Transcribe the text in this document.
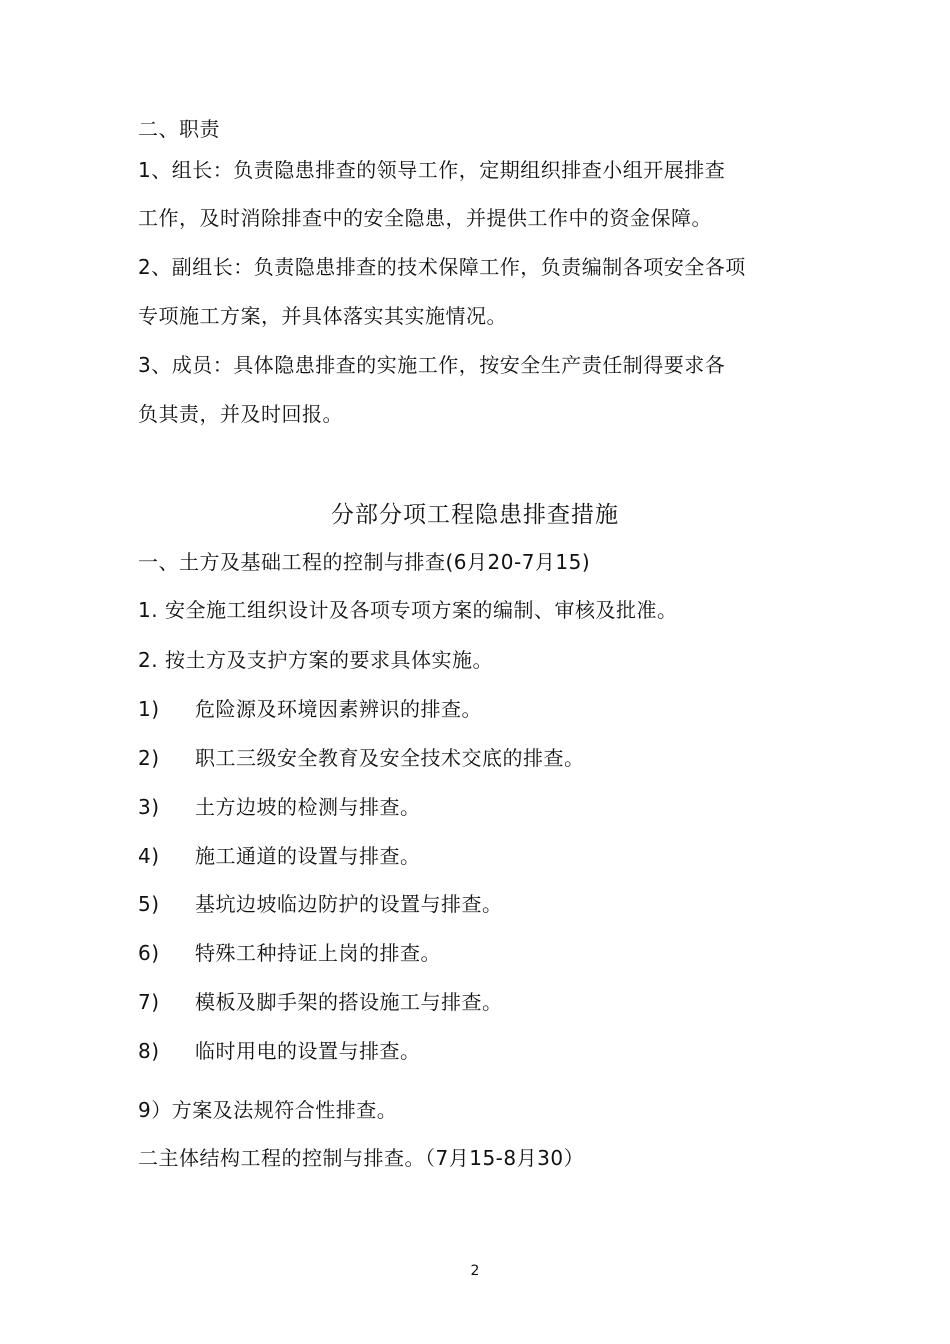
二、职责
1、组长：负责隐患排查的领导工作，定期组织排查小组开展排查
工作，及时消除排查中的安全隐患，并提供工作中的资金保障。
2、副组长：负责隐患排查的技术保障工作，负责编制各项安全各项
专项施工方案，并具体落实其实施情况。
3、成员：具体隐患排查的实施工作，按安全生产责任制得要求各
负其责，并及时回报。
分部分项工程隐患排查措施
一、土方及基础工程的控制与排查(6月20-7月15)
1. 安全施工组织设计及各项专项方案的编制、审核及批准。
2. 按土方及支护方案的要求具体实施。
1) 危险源及环境因素辨识的排查。
2) 职工三级安全教育及安全技术交底的排查。
3) 土方边坡的检测与排查。
4) 施工通道的设置与排查。
5) 基坑边坡临边防护的设置与排查。
6) 特殊工种持证上岗的排查。
7) 模板及脚手架的搭设施工与排查。
8) 临时用电的设置与排查。
9）方案及法规符合性排查。
二主体结构工程的控制与排查。（7月15-8月30）
2
